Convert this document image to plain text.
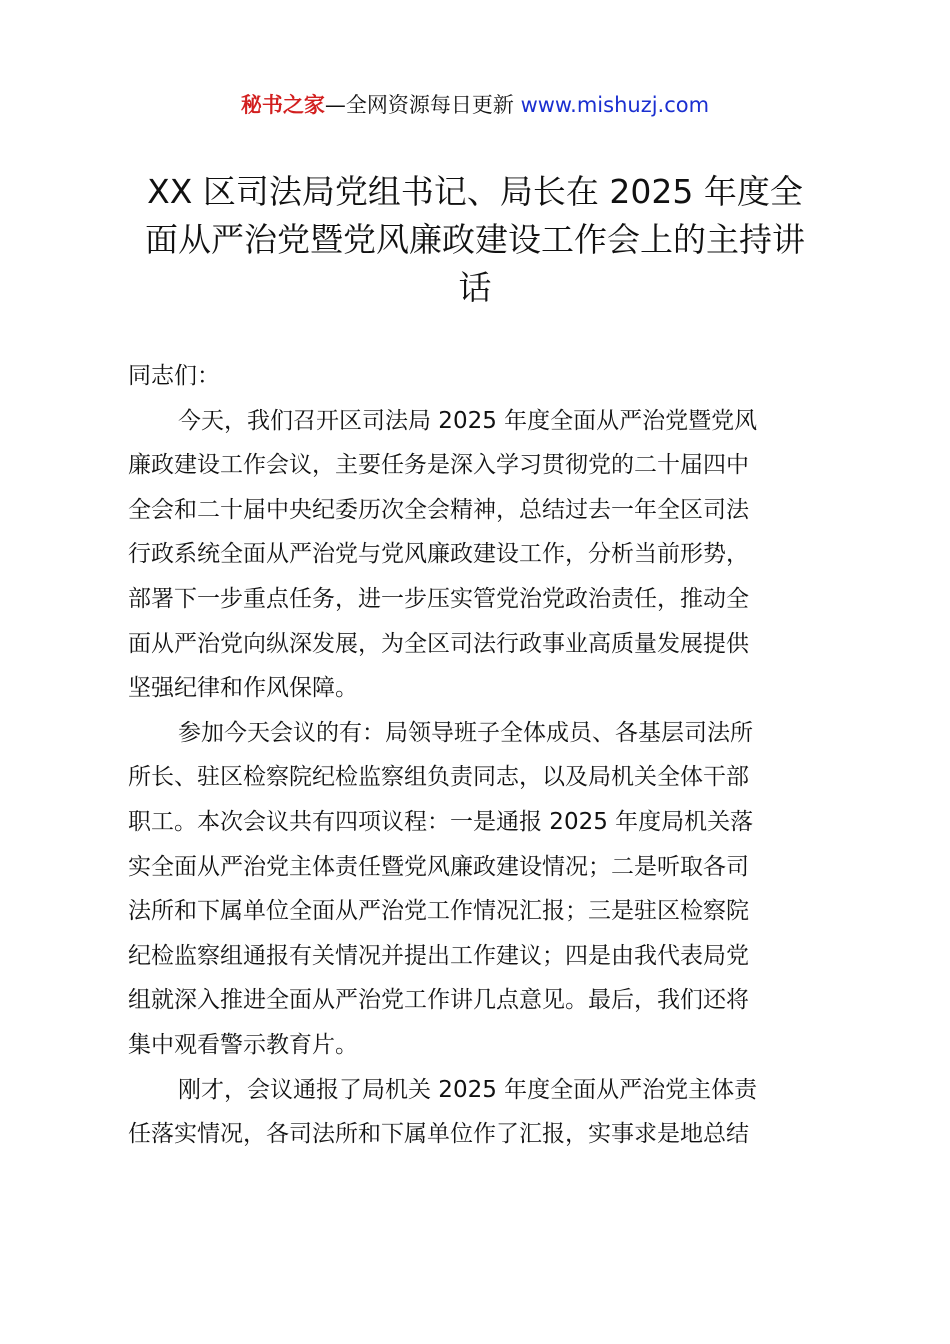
秘书之家—全网资源每日更新 www.mishuzj.com
XX 区司法局党组书记、局长在 2025 年度全
面从严治党暨党风廉政建设工作会上的主持讲
话
同志们：
今天，我们召开区司法局 2025 年度全面从严治党暨党风
廉政建设工作会议，主要任务是深入学习贯彻党的二十届四中
全会和二十届中央纪委历次全会精神，总结过去一年全区司法
行政系统全面从严治党与党风廉政建设工作，分析当前形势，
部署下一步重点任务，进一步压实管党治党政治责任，推动全
面从严治党向纵深发展，为全区司法行政事业高质量发展提供
坚强纪律和作风保障。
参加今天会议的有：局领导班子全体成员、各基层司法所
所长、驻区检察院纪检监察组负责同志，以及局机关全体干部
职工。本次会议共有四项议程：一是通报 2025 年度局机关落
实全面从严治党主体责任暨党风廉政建设情况；二是听取各司
法所和下属单位全面从严治党工作情况汇报；三是驻区检察院
纪检监察组通报有关情况并提出工作建议；四是由我代表局党
组就深入推进全面从严治党工作讲几点意见。最后，我们还将
集中观看警示教育片。
刚才，会议通报了局机关 2025 年度全面从严治党主体责
任落实情况，各司法所和下属单位作了汇报，实事求是地总结
